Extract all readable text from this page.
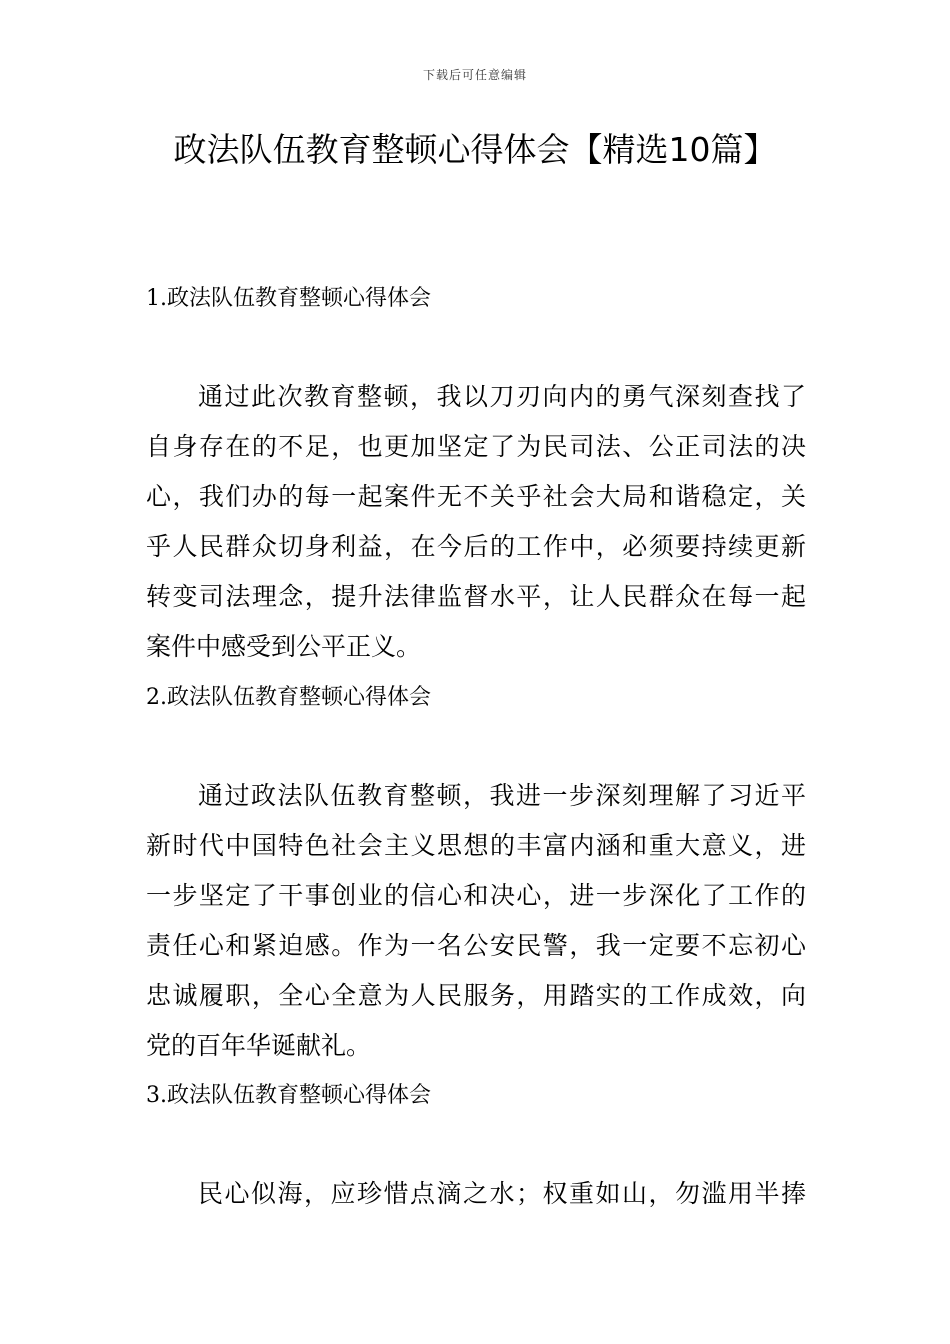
下载后可任意编辑
政法队伍教育整顿心得体会【精选10篇】
1.政法队伍教育整顿心得体会
通过此次教育整顿，我以刀刃向内的勇气深刻查找了
自身存在的不足，也更加坚定了为民司法、公正司法的决
心，我们办的每一起案件无不关乎社会大局和谐稳定，关
乎人民群众切身利益，在今后的工作中，必须要持续更新
转变司法理念，提升法律监督水平，让人民群众在每一起
案件中感受到公平正义。
2.政法队伍教育整顿心得体会
通过政法队伍教育整顿，我进一步深刻理解了习近平
新时代中国特色社会主义思想的丰富内涵和重大意义，进
一步坚定了干事创业的信心和决心，进一步深化了工作的
责任心和紧迫感。作为一名公安民警，我一定要不忘初心
忠诚履职，全心全意为人民服务，用踏实的工作成效，向
党的百年华诞献礼。
3.政法队伍教育整顿心得体会
民心似海，应珍惜点滴之水；权重如山，勿滥用半捧
